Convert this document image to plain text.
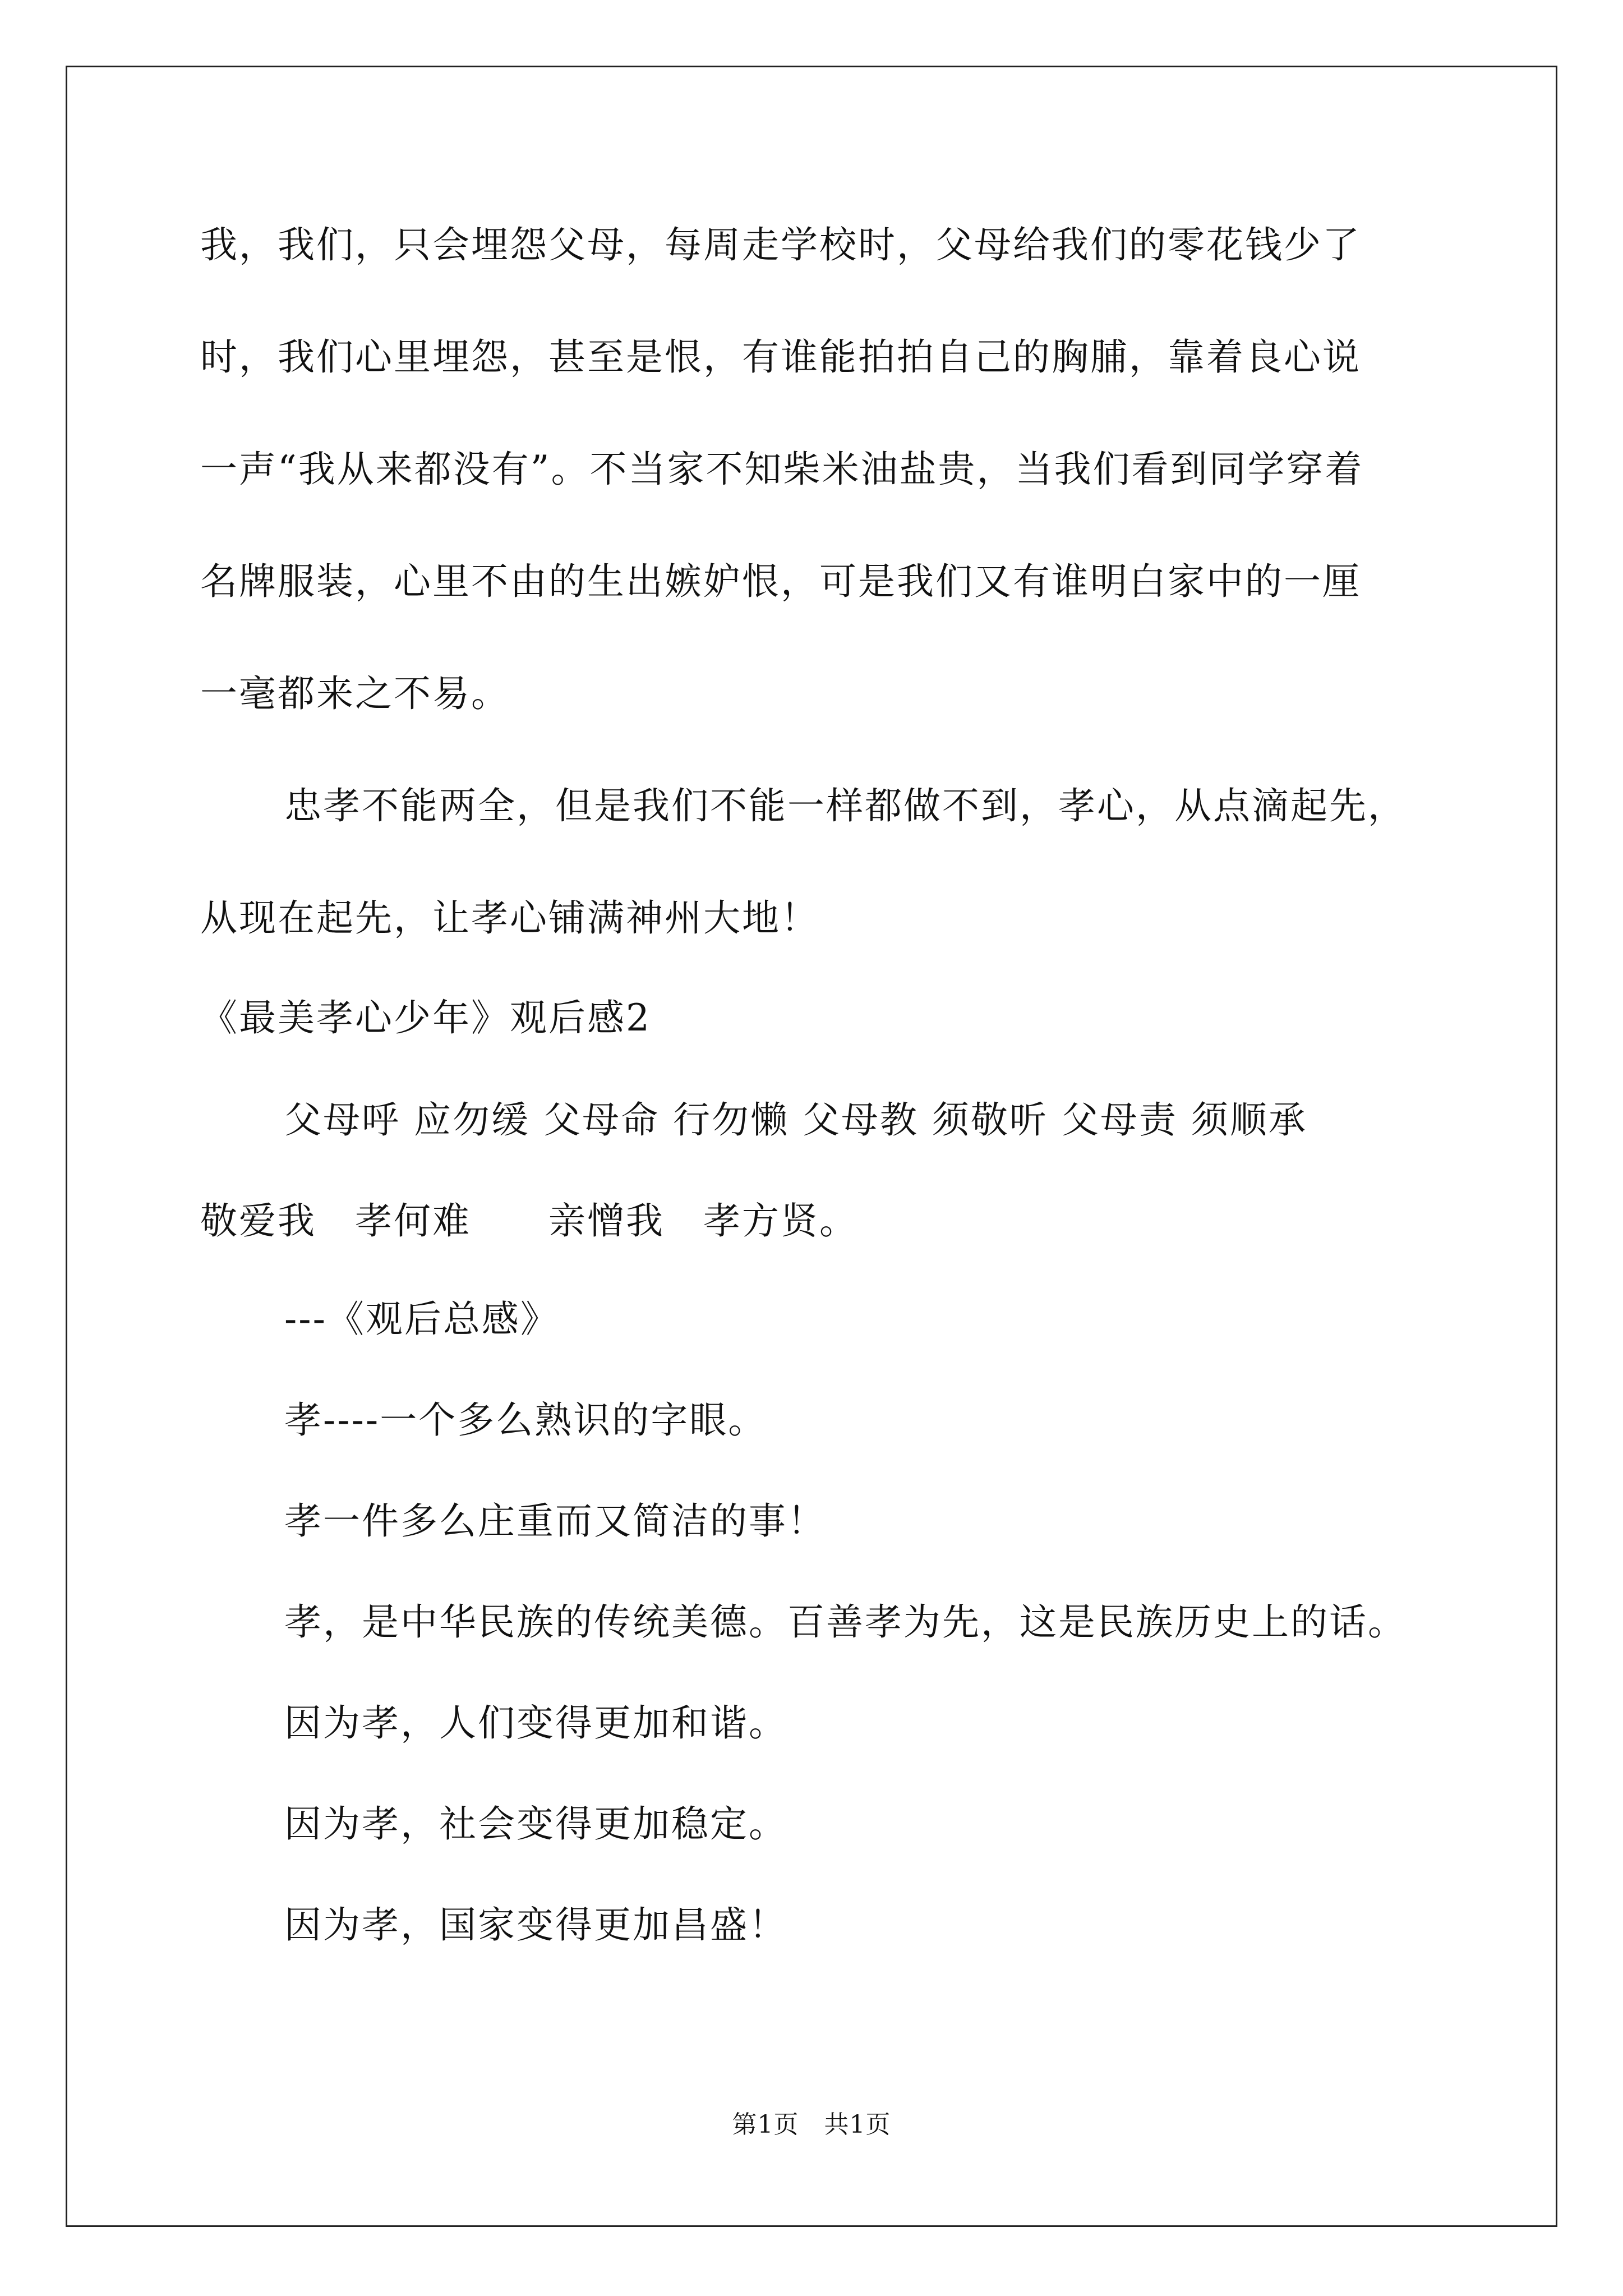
我，我们，只会埋怨父母，每周走学校时，父母给我们的零花钱少了
时，我们心里埋怨，甚至是恨，有谁能拍拍自己的胸脯，靠着良心说
一声“我从来都没有”。不当家不知柴米油盐贵，当我们看到同学穿着
名牌服装，心里不由的生出嫉妒恨，可是我们又有谁明白家中的一厘
一毫都来之不易。
忠孝不能两全，但是我们不能一样都做不到，孝心，从点滴起先，
从现在起先，让孝心铺满神州大地！
《最美孝心少年》观后感2
父母呼 应勿缓 父母命 行勿懒 父母教 须敬听 父母责 须顺承
敬爱我　孝何难　　亲憎我　孝方贤。
---《观后总感》
孝----一个多么熟识的字眼。
孝一件多么庄重而又简洁的事！
孝，是中华民族的传统美德。百善孝为先，这是民族历史上的话。
因为孝，人们变得更加和谐。
因为孝，社会变得更加稳定。
因为孝，国家变得更加昌盛！
第1页　共1页
